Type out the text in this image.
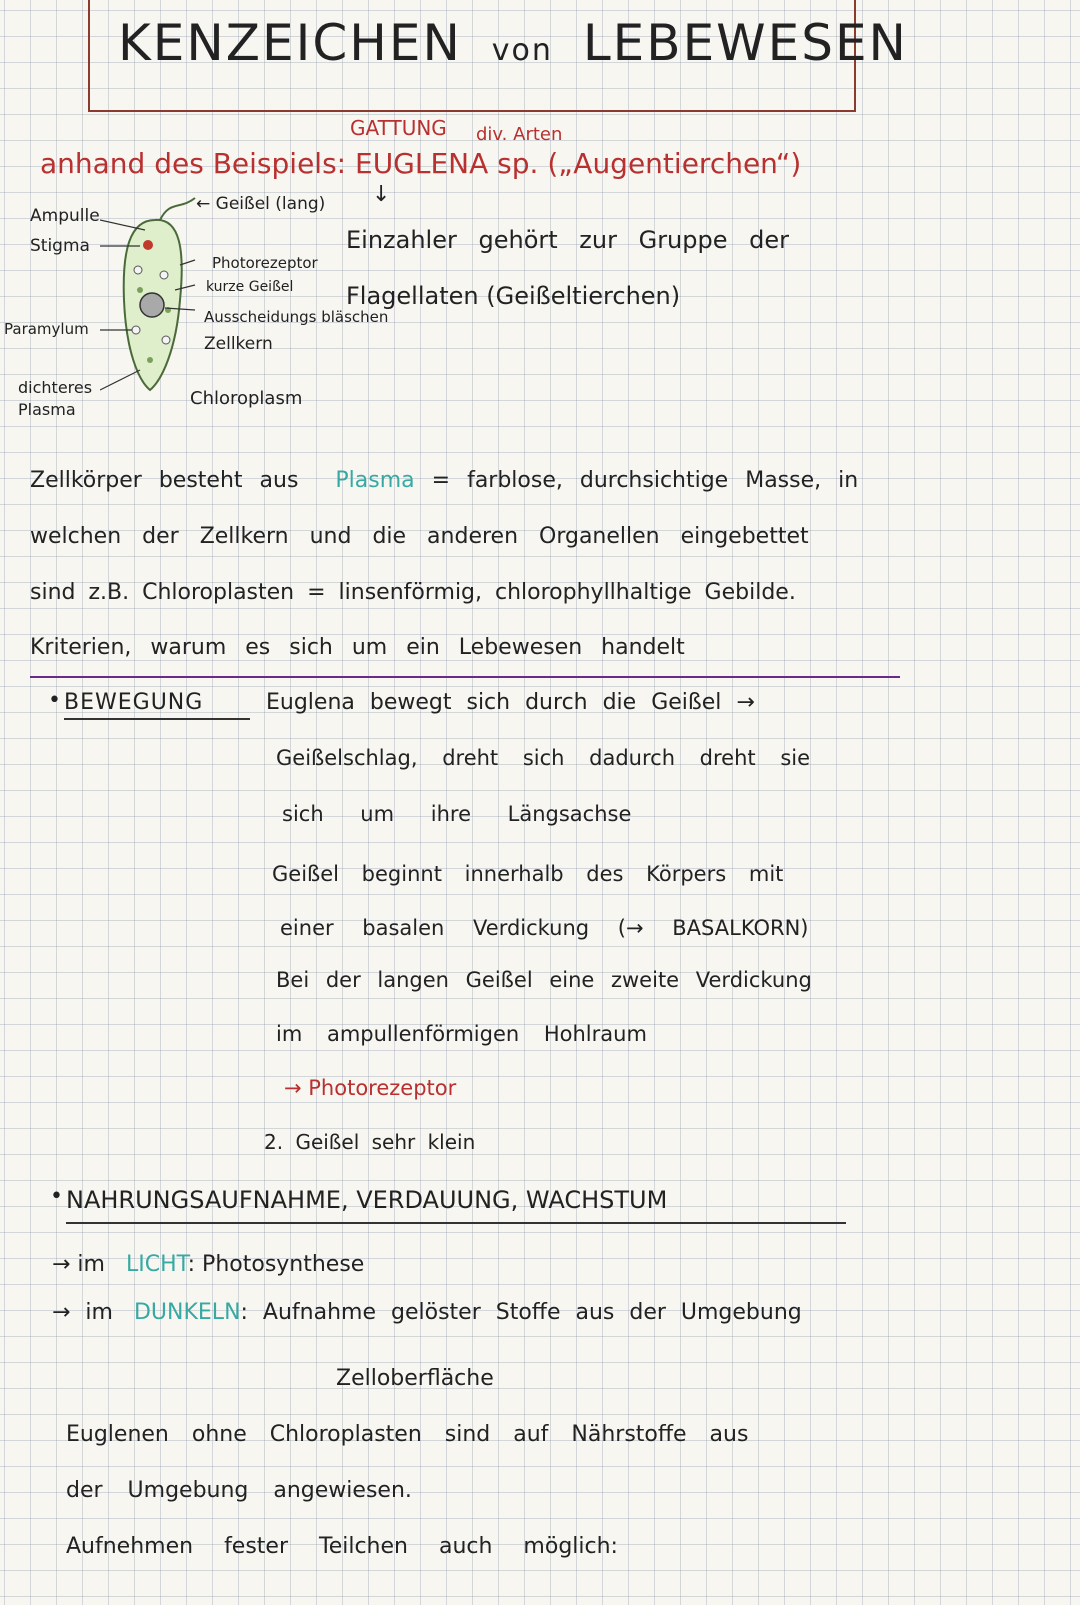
KENZEICHEN von LEBEWESEN
GATTUNG div. Arten
anhand des Beispiels: EUGLENA sp. („Augentierchen“)
Ampulle
Stigma
Paramylum
dichteres
Plasma
← Geißel (lang)
Photorezeptor
kurze Geißel
Ausscheidungs bläschen
Zellkern
Chloroplasm
↓
Einzahler gehört zur Gruppe der
Flagellaten (Geißeltierchen)
Zellkörper besteht aus Plasma = farblose, durchsichtige Masse, in
welchen der Zellkern und die anderen Organellen eingebettet
sind z.B. Chloroplasten = linsenförmig, chlorophyllhaltige Gebilde.
Kriterien, warum es sich um ein Lebewesen handelt
• BEWEGUNG	Euglena bewegt sich durch die Geißel →
Geißelschlag, dreht sich dadurch dreht sie
sich um ihre Längsachse
Geißel beginnt innerhalb des Körpers mit
einer basalen Verdickung (→ BASALKORN)
Bei der langen Geißel eine zweite Verdickung
im ampullenförmigen Hohlraum
→ Photorezeptor
2. Geißel sehr klein
• NAHRUNGSAUFNAHME, VERDAUUNG, WACHSTUM
→ im LICHT: Photosynthese
→ im DUNKELN: Aufnahme gelöster Stoffe aus der Umgebung
Zelloberfläche
Euglenen ohne Chloroplasten sind auf Nährstoffe aus
der Umgebung angewiesen.
Aufnehmen fester Teilchen auch möglich:
